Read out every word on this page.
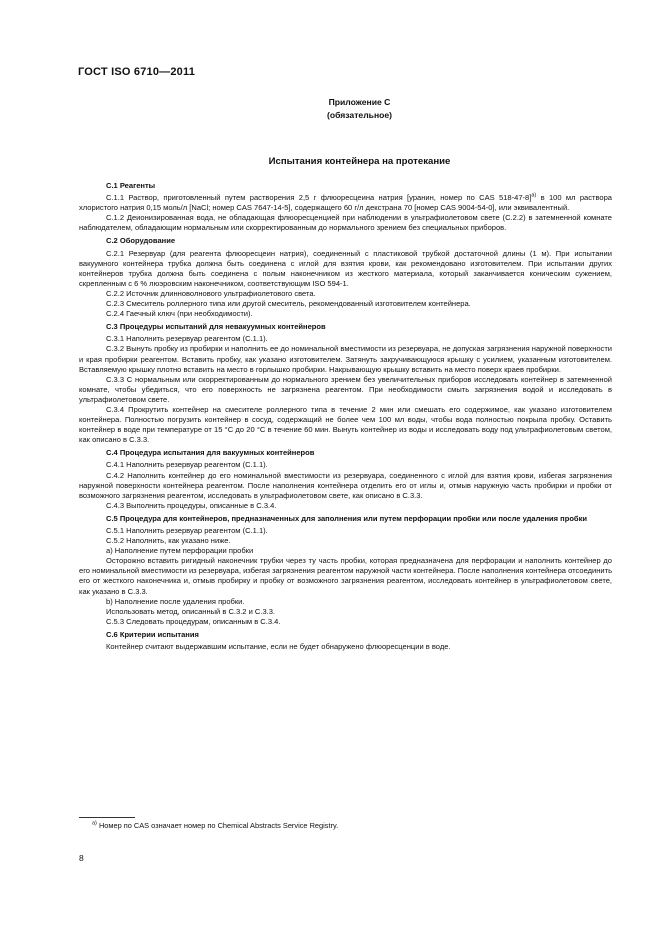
ГОСТ ISO 6710—2011
Приложение С
(обязательное)
Испытания контейнера на протекание

С.1 Реагенты

С.1.1 Раствор, приготовленный путем растворения 2,5 г флюоресцеина натрия [уранин, номер по CAS 518-47-8]$^{а)}$ в 100 мл раствора хлористого натрия 0,15 моль/л [NaCl; номер CAS 7647-14-5], содержащего 60 г/л декстрана 70 [номер CAS 9004-54-0], или эквивалентный.

С.1.2 Деионизированная вода, не обладающая флюоресценцией при наблюдении в ультрафиолетовом свете (С.2.2) в затемненной комнате наблюдателем, обладающим нормальным или скорректированным до нормального зрением без специальных приборов.

С.2 Оборудование

С.2.1 Резервуар (для реагента флюоресцеин натрия), соединенный с пластиковой трубкой достаточной длины (1 м). При испытании вакуумного контейнера трубка должна быть соединена с иглой для взятия крови, как рекомендовано изготовителем. При испытании других контейнеров трубка должна быть соединена с полым наконечником из жесткого материала, который заканчивается коническим сужением, скрепленным с 6 % люэровским наконечником, соответствующим ISO 594-1.

С.2.2 Источник длинноволнового ультрафиолетового света.

С.2.3 Смеситель роллерного типа или другой смеситель, рекомендованный изготовителем контейнера.

С.2.4 Гаечный ключ (при необходимости).

С.3 Процедуры испытаний для невакуумных контейнеров

С.3.1 Наполнить резервуар реагентом (С.1.1).

С.3.2 Вынуть пробку из пробирки и наполнить ее до номинальной вместимости из резервуара, не допуская загрязнения наружной поверхности и края пробирки реагентом. Вставить пробку, как указано изготовителем. Затянуть закручивающуюся крышку с усилием, указанным изготовителем. Вставляемую крышку плотно вставить на место в горлышко пробирки. Накрывающую крышку вставить на место поверх краев пробирки.

С.3.3 С нормальным или скорректированным до нормального зрением без увеличительных приборов исследовать контейнер в затемненной комнате, чтобы убедиться, что его поверхность не загрязнена реагентом. При необходимости смыть загрязнения водой и исследовать в ультрафиолетовом свете.

С.3.4 Прокрутить контейнер на смесителе роллерного типа в течение 2 мин или смешать его содержимое, как указано изготовителем контейнера. Полностью погрузить контейнер в сосуд, содержащий не более чем 100 мл воды, чтобы вода полностью покрыла пробку. Оставить контейнер в воде при температуре от 15 °С до 20 °С в течение 60 мин. Вынуть контейнер из воды и исследовать воду под ультрафиолетовым светом, как описано в С.3.3.

С.4 Процедура испытания для вакуумных контейнеров

С.4.1 Наполнить резервуар реагентом (С.1.1).

С.4.2 Наполнить контейнер до его номинальной вместимости из резервуара, соединенного с иглой для взятия крови, избегая загрязнения наружной поверхности контейнера реагентом. После наполнения контейнера отделить его от иглы и, отмыв наружную часть пробирки и пробки от возможного загрязнения реагентом, исследовать в ультрафиолетовом свете, как описано в С.3.3.

С.4.3 Выполнить процедуры, описанные в С.3.4.

С.5 Процедура для контейнеров, предназначенных для заполнения или путем перфорации пробки или после удаления пробки

С.5.1 Наполнить резервуар реагентом (С.1.1).

С.5.2 Наполнить, как указано ниже.

а) Наполнение путем перфорации пробки

Осторожно вставить ригидный наконечник трубки через ту часть пробки, которая предназначена для перфорации и наполнить контейнер до его номинальной вместимости из резервуара, избегая загрязнения реагентом наружной части контейнера. После наполнения контейнера отсоединить его от жесткого наконечника и, отмыв пробирку и пробку от возможного загрязнения реагентом, исследовать контейнер в ультрафиолетовом свете, как указано в С.3.3.

b) Наполнение после удаления пробки.

Использовать метод, описанный в С.3.2 и С.3.3.

С.5.3 Следовать процедурам, описанным в С.3.4.

С.6 Критерии испытания

Контейнер считают выдержавшим испытание, если не будет обнаружено флюоресценции в воде.

$^{а)}$ Номер по CAS означает номер по Chemical Abstracts Service Registry.
8
